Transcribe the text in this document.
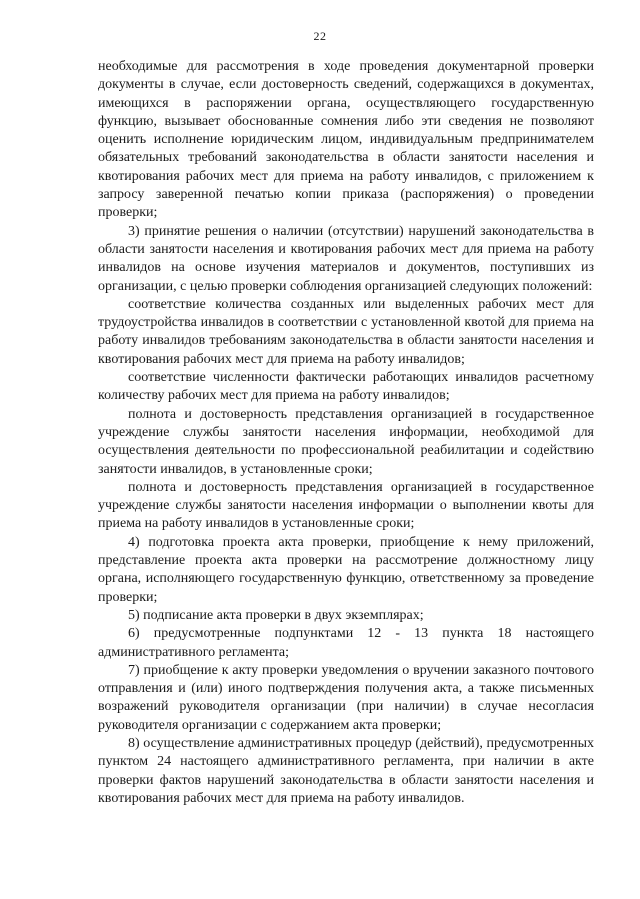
22

необходимые для рассмотрения в ходе проведения документарной проверки документы в случае, если достоверность сведений, содержащихся в документах, имеющихся в распоряжении органа, осуществляющего государственную функцию, вызывает обоснованные сомнения либо эти сведения не позволяют оценить исполнение юридическим лицом, индивидуальным предпринимателем обязательных требований законодательства в области занятости населения и квотирования рабочих мест для приема на работу инвалидов, с приложением к запросу заверенной печатью копии приказа (распоряжения) о проведении проверки;

3) принятие решения о наличии (отсутствии) нарушений законодательства в области занятости населения и квотирования рабочих мест для приема на работу инвалидов на основе изучения материалов и документов, поступивших из организации, с целью проверки соблюдения организацией следующих положений:

соответствие количества созданных или выделенных рабочих мест для трудоустройства инвалидов в соответствии с установленной квотой для приема на работу инвалидов требованиям законодательства в области занятости населения и квотирования рабочих мест для приема на работу инвалидов;

соответствие численности фактически работающих инвалидов расчетному количеству рабочих мест для приема на работу инвалидов;

полнота и достоверность представления организацией в государственное учреждение службы занятости населения информации, необходимой для осуществления деятельности по профессиональной реабилитации и содействию занятости инвалидов, в установленные сроки;

полнота и достоверность представления организацией в государственное учреждение службы занятости населения информации о выполнении квоты для приема на работу инвалидов в установленные сроки;

4) подготовка проекта акта проверки, приобщение к нему приложений, представление проекта акта проверки на рассмотрение должностному лицу органа, исполняющего государственную функцию, ответственному за проведение проверки;

5) подписание акта проверки в двух экземплярах;

6) предусмотренные подпунктами 12 - 13 пункта 18 настоящего административного регламента;

7) приобщение к акту проверки уведомления о вручении заказного почтового отправления и (или) иного подтверждения получения акта, а также письменных возражений руководителя организации (при наличии) в случае несогласия руководителя организации с содержанием акта проверки;

8) осуществление административных процедур (действий), предусмотренных пунктом 24 настоящего административного регламента, при наличии в акте проверки фактов нарушений законодательства в области занятости населения и квотирования рабочих мест для приема на работу инвалидов.
